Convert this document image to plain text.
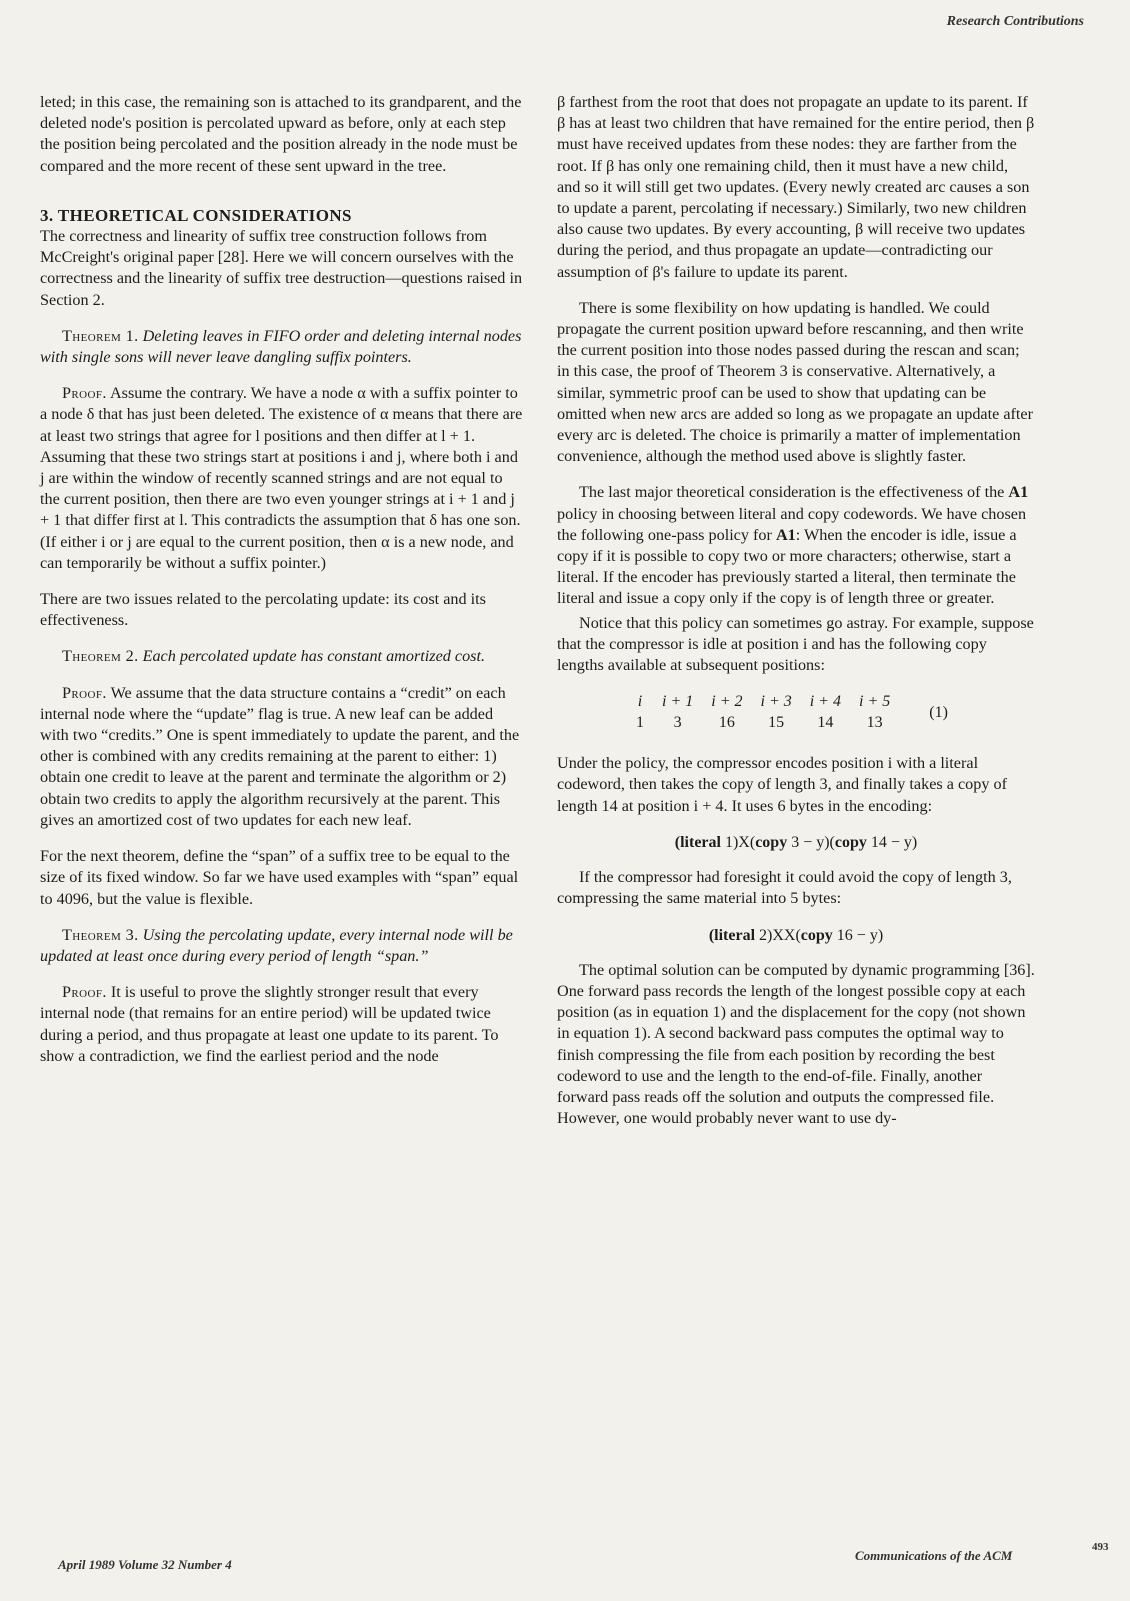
Research Contributions

leted; in this case, the remaining son is attached to its grandparent, and the deleted node's position is percolated upward as before, only at each step the position being percolated and the position already in the node must be compared and the more recent of these sent upward in the tree.

3. THEORETICAL CONSIDERATIONS

The correctness and linearity of suffix tree construction follows from McCreight's original paper [28]. Here we will concern ourselves with the correctness and the linearity of suffix tree destruction—questions raised in Section 2.

Theorem 1. Deleting leaves in FIFO order and deleting internal nodes with single sons will never leave dangling suffix pointers.

Proof. Assume the contrary. We have a node α with a suffix pointer to a node δ that has just been deleted. The existence of α means that there are at least two strings that agree for l positions and then differ at l + 1. Assuming that these two strings start at positions i and j, where both i and j are within the window of recently scanned strings and are not equal to the current position, then there are two even younger strings at i + 1 and j + 1 that differ first at l. This contradicts the assumption that δ has one son. (If either i or j are equal to the current position, then α is a new node, and can temporarily be without a suffix pointer.)

There are two issues related to the percolating update: its cost and its effectiveness.

Theorem 2. Each percolated update has constant amortized cost.

Proof. We assume that the data structure contains a “credit” on each internal node where the “update” flag is true. A new leaf can be added with two “credits.” One is spent immediately to update the parent, and the other is combined with any credits remaining at the parent to either: 1) obtain one credit to leave at the parent and terminate the algorithm or 2) obtain two credits to apply the algorithm recursively at the parent. This gives an amortized cost of two updates for each new leaf.

For the next theorem, define the “span” of a suffix tree to be equal to the size of its fixed window. So far we have used examples with “span” equal to 4096, but the value is flexible.

Theorem 3. Using the percolating update, every internal node will be updated at least once during every period of length “span.”

Proof. It is useful to prove the slightly stronger result that every internal node (that remains for an entire period) will be updated twice during a period, and thus propagate at least one update to its parent. To show a contradiction, we find the earliest period and the node

β farthest from the root that does not propagate an update to its parent. If β has at least two children that have remained for the entire period, then β must have received updates from these nodes: they are farther from the root. If β has only one remaining child, then it must have a new child, and so it will still get two updates. (Every newly created arc causes a son to update a parent, percolating if necessary.) Similarly, two new children also cause two updates. By every accounting, β will receive two updates during the period, and thus propagate an update—contradicting our assumption of β's failure to update its parent.

There is some flexibility on how updating is handled. We could propagate the current position upward before rescanning, and then write the current position into those nodes passed during the rescan and scan; in this case, the proof of Theorem 3 is conservative. Alternatively, a similar, symmetric proof can be used to show that updating can be omitted when new arcs are added so long as we propagate an update after every arc is deleted. The choice is primarily a matter of implementation convenience, although the method used above is slightly faster.

The last major theoretical consideration is the effectiveness of the A1 policy in choosing between literal and copy codewords. We have chosen the following one-pass policy for A1: When the encoder is idle, issue a copy if it is possible to copy two or more characters; otherwise, start a literal. If the encoder has previously started a literal, then terminate the literal and issue a copy only if the copy is of length three or greater.

Notice that this policy can sometimes go astray. For example, suppose that the compressor is idle at position i and has the following copy lengths available at subsequent positions:

i	i + 1	i + 2	i + 3	i + 4	i + 5	(1)
1	3	16	15	14	13	

Under the policy, the compressor encodes position i with a literal codeword, then takes the copy of length 3, and finally takes a copy of length 14 at position i + 4. It uses 6 bytes in the encoding:

(literal 1)X(copy 3 − y)(copy 14 − y)

If the compressor had foresight it could avoid the copy of length 3, compressing the same material into 5 bytes:

(literal 2)XX(copy 16 − y)

The optimal solution can be computed by dynamic programming [36]. One forward pass records the length of the longest possible copy at each position (as in equation 1) and the displacement for the copy (not shown in equation 1). A second backward pass computes the optimal way to finish compressing the file from each position by recording the best codeword to use and the length to the end-of-file. Finally, another forward pass reads off the solution and outputs the compressed file. However, one would probably never want to use dy-

April 1989 Volume 32 Number 4
Communications of the ACM
493
